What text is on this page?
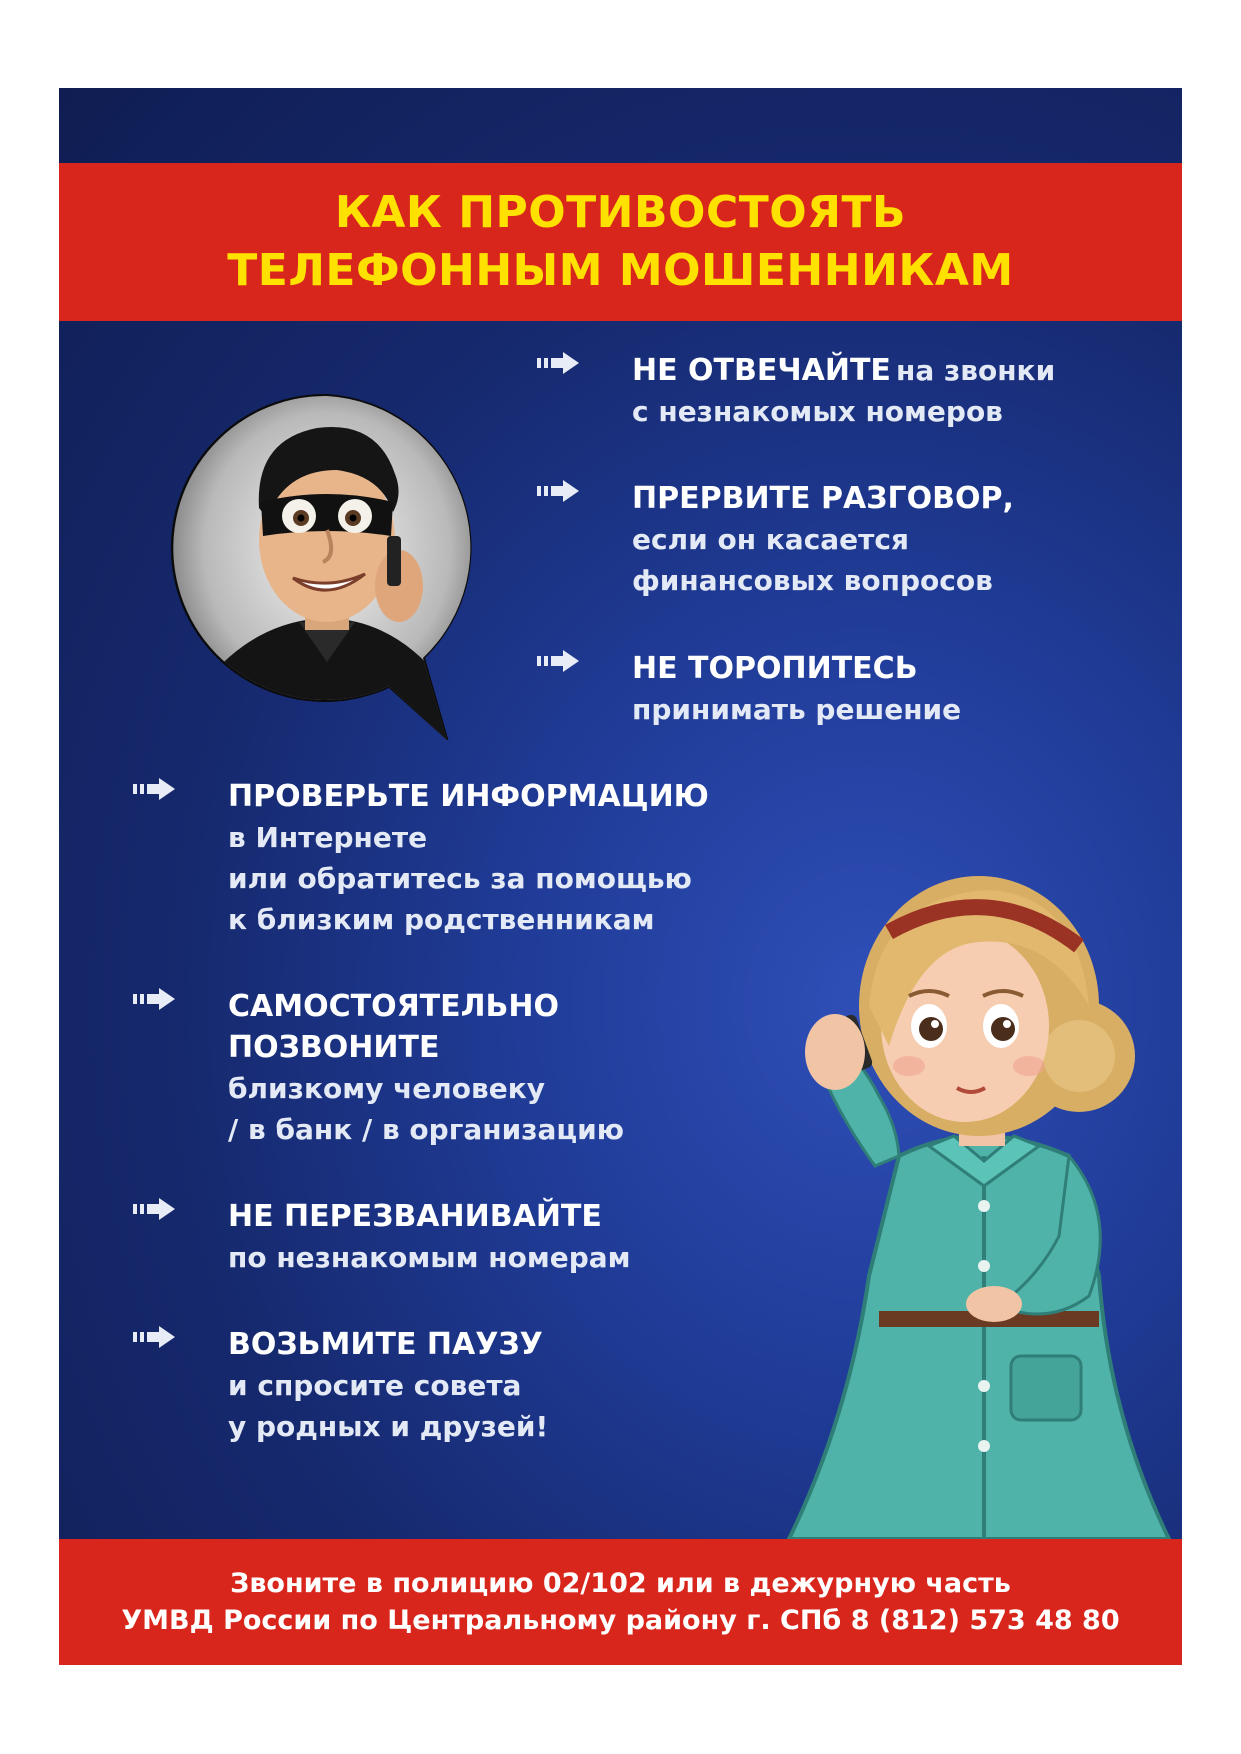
КАК ПРОТИВОСТОЯТЬ
ТЕЛЕФОННЫМ МОШЕННИКАМ
НЕ ОТВЕЧАЙТЕ на звонки
с незнакомых номеров
ПРЕРВИТЕ РАЗГОВОР,
если он касается
финансовых вопросов
НЕ ТОРОПИТЕСЬ
принимать решение
ПРОВЕРЬТЕ ИНФОРМАЦИЮ
в Интернете
или обратитесь за помощью
к близким родственникам
САМОСТОЯТЕЛЬНО
ПОЗВОНИТЕ
близкому человеку
/ в банк / в организацию
НЕ ПЕРЕЗВАНИВАЙТЕ
по незнакомым номерам
ВОЗЬМИТЕ ПАУЗУ
и спросите совета
у родных и друзей!
Звоните в полицию 02/102 или в дежурную часть
УМВД России по Центральному району г. СПб 8 (812) 573 48 80
